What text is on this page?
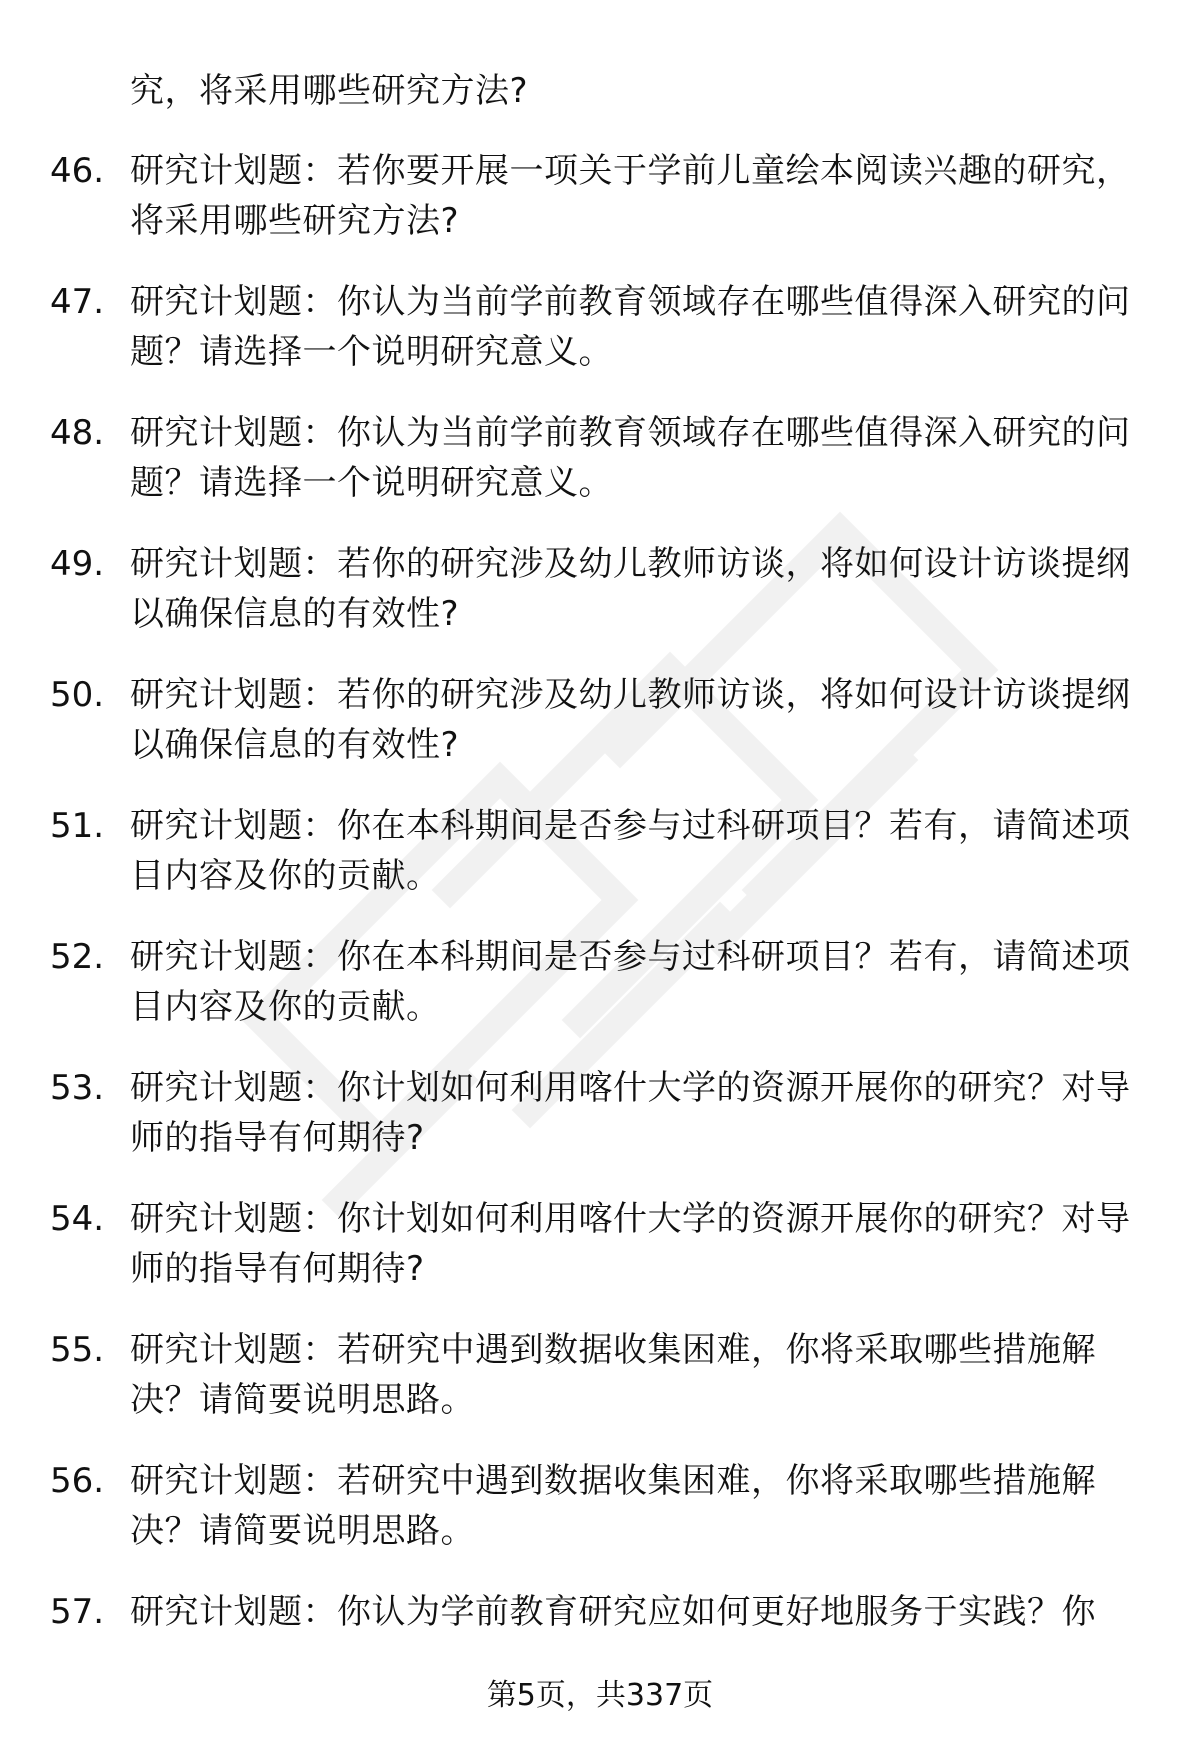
究，将采用哪些研究方法?
46. 研究计划题：若你要开展一项关于学前儿童绘本阅读兴趣的研究，将采用哪些研究方法?
47. 研究计划题：你认为当前学前教育领域存在哪些值得深入研究的问题？请选择一个说明研究意义。
48. 研究计划题：你认为当前学前教育领域存在哪些值得深入研究的问题？请选择一个说明研究意义。
49. 研究计划题：若你的研究涉及幼儿教师访谈，将如何设计访谈提纲以确保信息的有效性?
50. 研究计划题：若你的研究涉及幼儿教师访谈，将如何设计访谈提纲以确保信息的有效性?
51. 研究计划题：你在本科期间是否参与过科研项目？若有，请简述项目内容及你的贡献。
52. 研究计划题：你在本科期间是否参与过科研项目？若有，请简述项目内容及你的贡献。
53. 研究计划题：你计划如何利用喀什大学的资源开展你的研究？对导师的指导有何期待?
54. 研究计划题：你计划如何利用喀什大学的资源开展你的研究？对导师的指导有何期待?
55. 研究计划题：若研究中遇到数据收集困难，你将采取哪些措施解决？请简要说明思路。
56. 研究计划题：若研究中遇到数据收集困难，你将采取哪些措施解决？请简要说明思路。
57. 研究计划题：你认为学前教育研究应如何更好地服务于实践？你
第5页，共337页
